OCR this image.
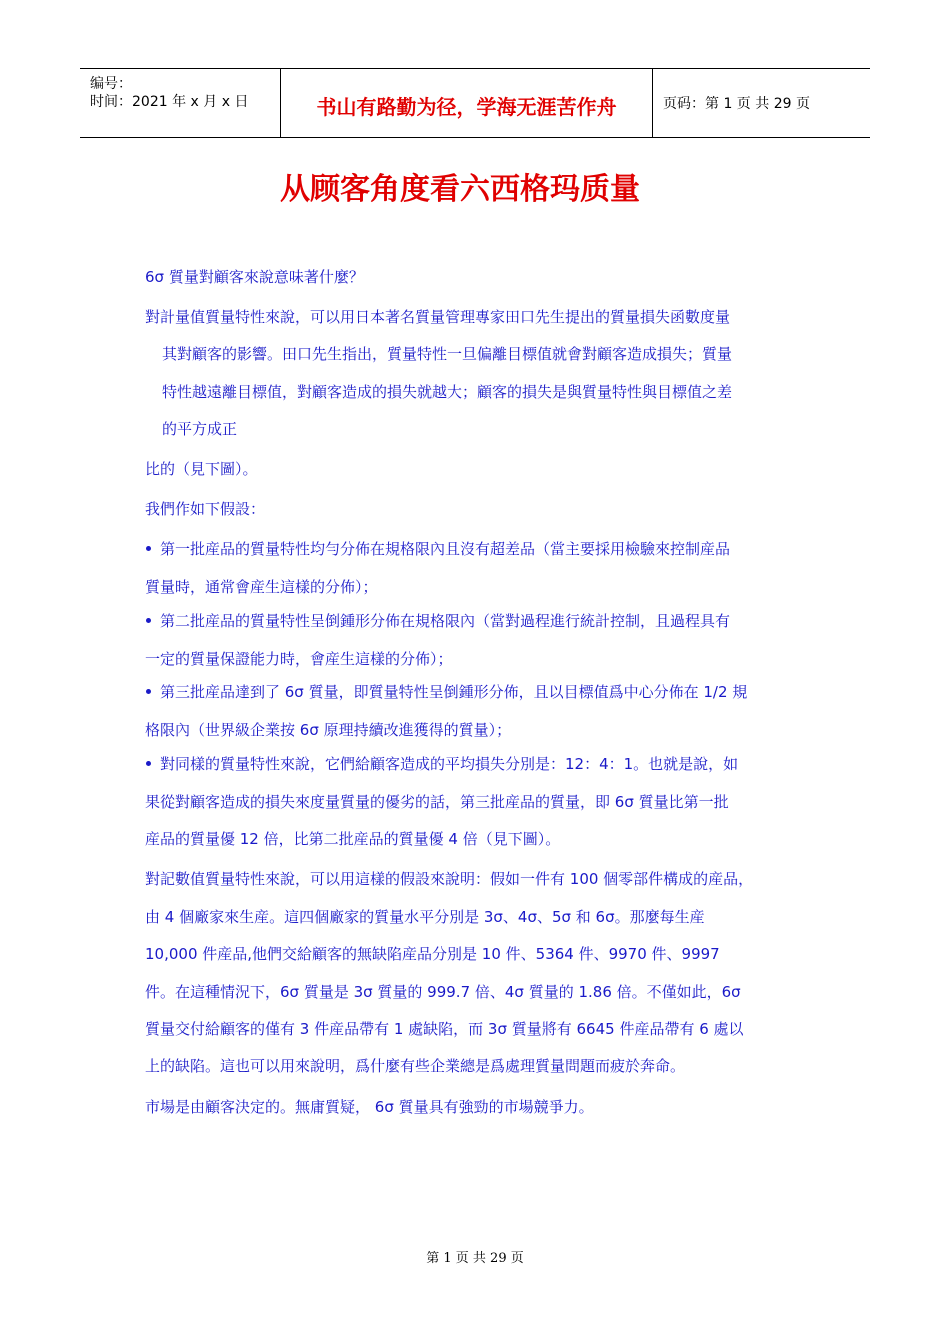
编号：
时间：2021 年 x 月 x 日	书山有路勤为径，学海无涯苦作舟	页码：第 1 页 共 29 页
从顾客角度看六西格玛质量
6σ 質量對顧客來說意味著什麼？
對計量值質量特性來說，可以用日本著名質量管理專家田口先生提出的質量損失函數度量
其對顧客的影響。田口先生指出，質量特性一旦偏離目標值就會對顧客造成損失；質量
特性越遠離目標值，對顧客造成的損失就越大；顧客的損失是與質量特性與目標值之差
的平方成正
比的（見下圖）。
我們作如下假設：
第一批産品的質量特性均勻分佈在規格限內且沒有超差品（當主要採用檢驗來控制産品
質量時，通常會産生這樣的分佈）；
第二批産品的質量特性呈倒鍾形分佈在規格限內（當對過程進行統計控制，且過程具有
一定的質量保證能力時，會産生這樣的分佈）；
第三批産品達到了 6σ 質量，即質量特性呈倒鍾形分佈，且以目標值爲中心分佈在 1/2 規
格限內（世界級企業按 6σ 原理持續改進獲得的質量）；
對同樣的質量特性來說，它們給顧客造成的平均損失分別是：12：4：1。也就是說，如
果從對顧客造成的損失來度量質量的優劣的話，第三批産品的質量，即 6σ 質量比第一批
産品的質量優 12 倍，比第二批産品的質量優 4 倍（見下圖）。
對記數值質量特性來說，可以用這樣的假設來說明：假如一件有 100 個零部件構成的産品，
由 4 個廠家來生産。這四個廠家的質量水平分別是 3σ、4σ、5σ 和 6σ。那麼每生産
10,000 件産品,他們交給顧客的無缺陷産品分別是 10 件、5364 件、9970 件、9997
件。在這種情況下，6σ 質量是 3σ 質量的 999.7 倍、4σ 質量的 1.86 倍。不僅如此，6σ
質量交付給顧客的僅有 3 件産品帶有 1 處缺陷，而 3σ 質量將有 6645 件産品帶有 6 處以
上的缺陷。這也可以用來說明，爲什麼有些企業總是爲處理質量問題而疲於奔命。
市場是由顧客決定的。無庸質疑， 6σ 質量具有強勁的市場競爭力。
第 1 页 共 29 页
